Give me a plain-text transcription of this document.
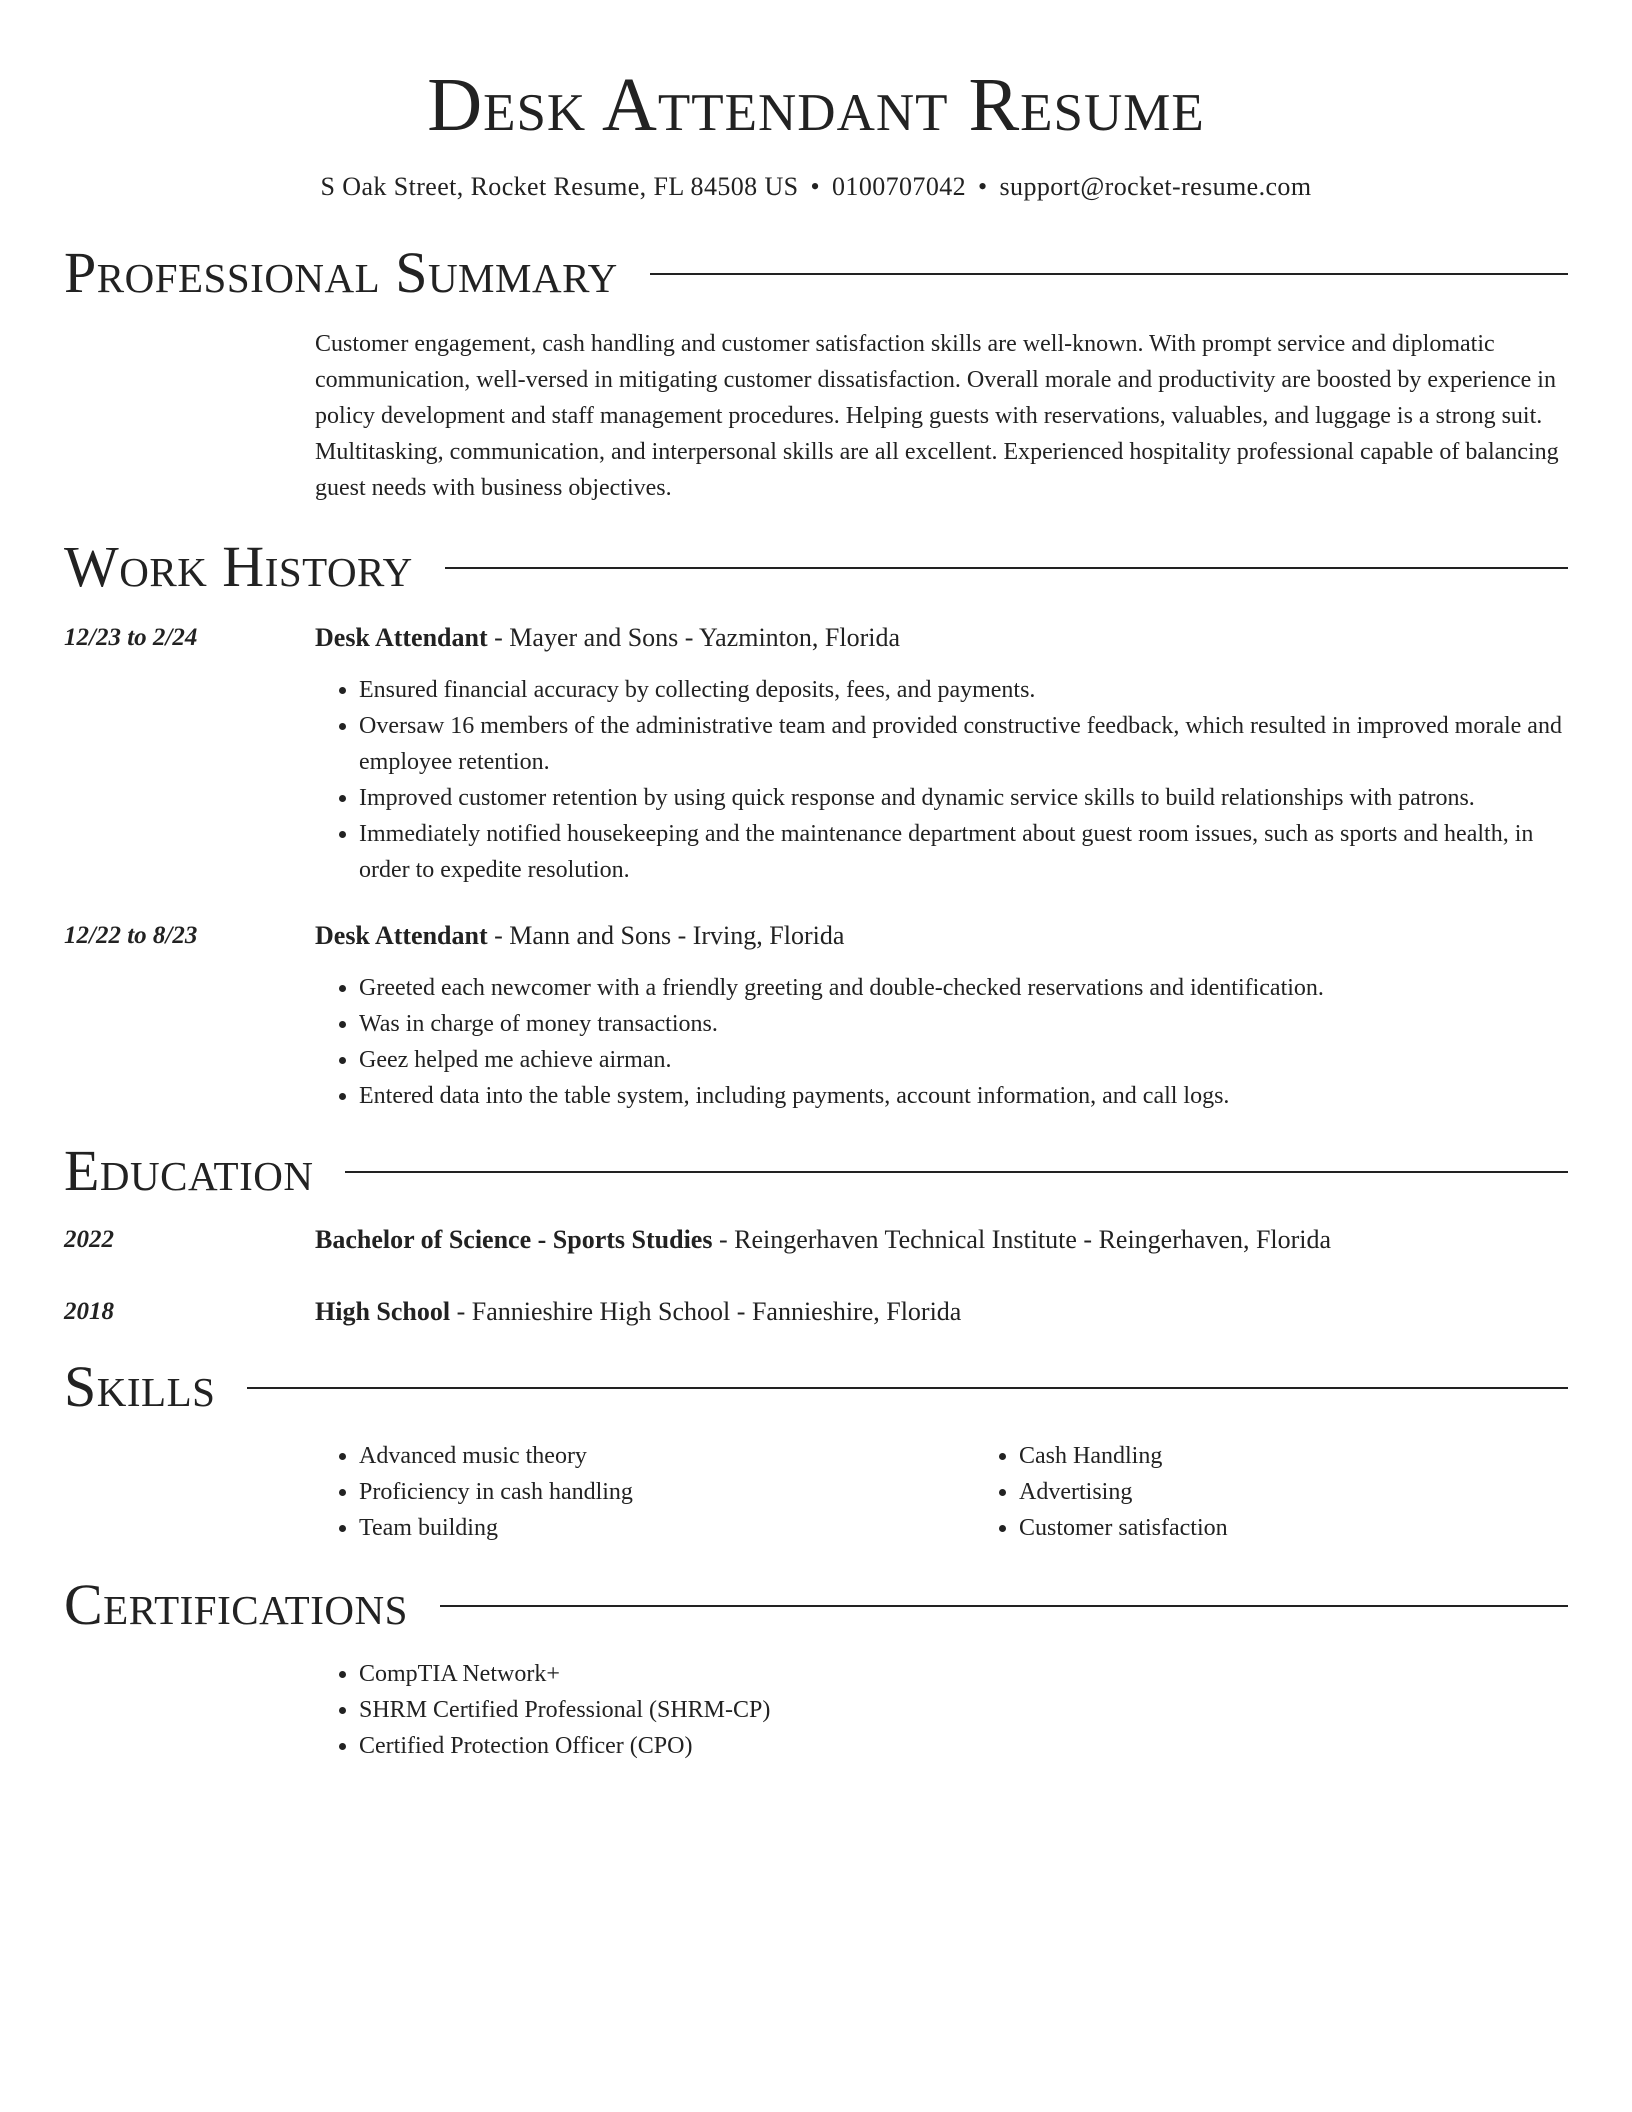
Desk Attendant Resume
S Oak Street, Rocket Resume, FL 84508 US • 0100707042 • support@rocket-resume.com
Professional Summary
Customer engagement, cash handling and customer satisfaction skills are well-known. With prompt service and diplomatic communication, well-versed in mitigating customer dissatisfaction. Overall morale and productivity are boosted by experience in policy development and staff management procedures. Helping guests with reservations, valuables, and luggage is a strong suit. Multitasking, communication, and interpersonal skills are all excellent. Experienced hospitality professional capable of balancing guest needs with business objectives.
Work History
12/23 to 2/24	Desk Attendant - Mayer and Sons - Yazminton, Florida
• Ensured financial accuracy by collecting deposits, fees, and payments.
• Oversaw 16 members of the administrative team and provided constructive feedback, which resulted in improved morale and employee retention.
• Improved customer retention by using quick response and dynamic service skills to build relationships with patrons.
• Immediately notified housekeeping and the maintenance department about guest room issues, such as sports and health, in order to expedite resolution.
12/22 to 8/23	Desk Attendant - Mann and Sons - Irving, Florida
• Greeted each newcomer with a friendly greeting and double-checked reservations and identification.
• Was in charge of money transactions.
• Geez helped me achieve airman.
• Entered data into the table system, including payments, account information, and call logs.
Education
2022	Bachelor of Science - Sports Studies - Reingerhaven Technical Institute - Reingerhaven, Florida
2018	High School - Fannieshire High School - Fannieshire, Florida
Skills
• Advanced music theory
• Proficiency in cash handling
• Team building
• Cash Handling
• Advertising
• Customer satisfaction
Certifications
• CompTIA Network+
• SHRM Certified Professional (SHRM-CP)
• Certified Protection Officer (CPO)
